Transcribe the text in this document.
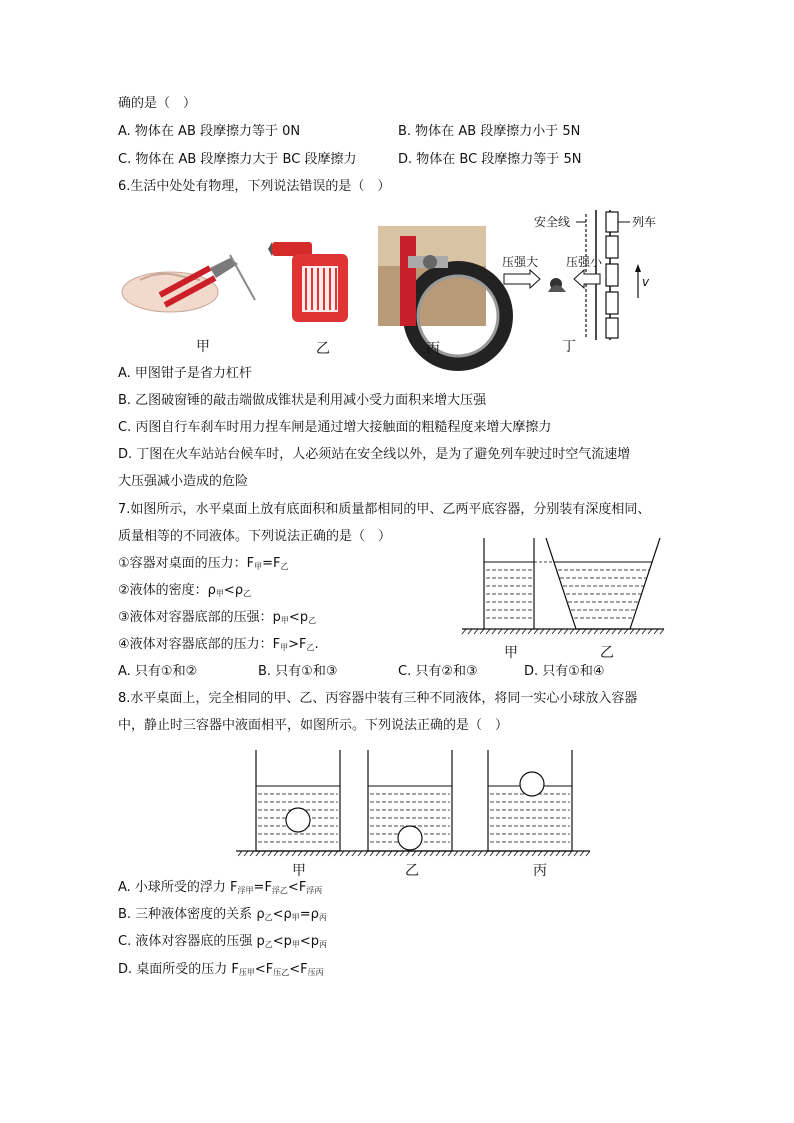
确的是（　）
A. 物体在 AB 段摩擦力等于 0N	B. 物体在 AB 段摩擦力小于 5N
C. 物体在 AB 段摩擦力大于 BC 段摩擦力	D. 物体在 BC 段摩擦力等于 5N
6.生活中处处有物理，下列说法错误的是（　）
安全线	列车
压强大 压强小
v
甲	乙	丙	丁
A. 甲图钳子是省力杠杆
B. 乙图破窗锤的敲击端做成锥状是利用减小受力面积来增大压强
C. 丙图自行车刹车时用力捏车闸是通过增大接触面的粗糙程度来增大摩擦力
D. 丁图在火车站站台候车时，人必须站在安全线以外，是为了避免列车驶过时空气流速增
大压强减小造成的危险
7.如图所示，水平桌面上放有底面积和质量都相同的甲、乙两平底容器，分别装有深度相同、
质量相等的不同液体。下列说法正确的是（　）
①容器对桌面的压力：$F_甲=F_乙$
②液体的密度：$\rho_甲<\rho_乙$
③液体对容器底部的压强：$p_甲<p_乙$
④液体对容器底部的压力：$F_甲>F_乙$.
甲	乙
A. 只有①和②	B. 只有①和③	C. 只有②和③	D. 只有①和④
8.水平桌面上，完全相同的甲、乙、丙容器中装有三种不同液体，将同一实心小球放入容器
中，静止时三容器中液面相平，如图所示。下列说法正确的是（　）
甲	乙	丙
A. 小球所受的浮力 $F_{浮甲}=F_{浮乙}<F_{浮丙}$
B. 三种液体密度的关系 $\rho_乙<\rho_甲=\rho_丙$
C. 液体对容器底的压强 $p_乙<p_甲<p_丙$
D. 桌面所受的压力 $F_{压甲}<F_{压乙}<F_{压丙}$
